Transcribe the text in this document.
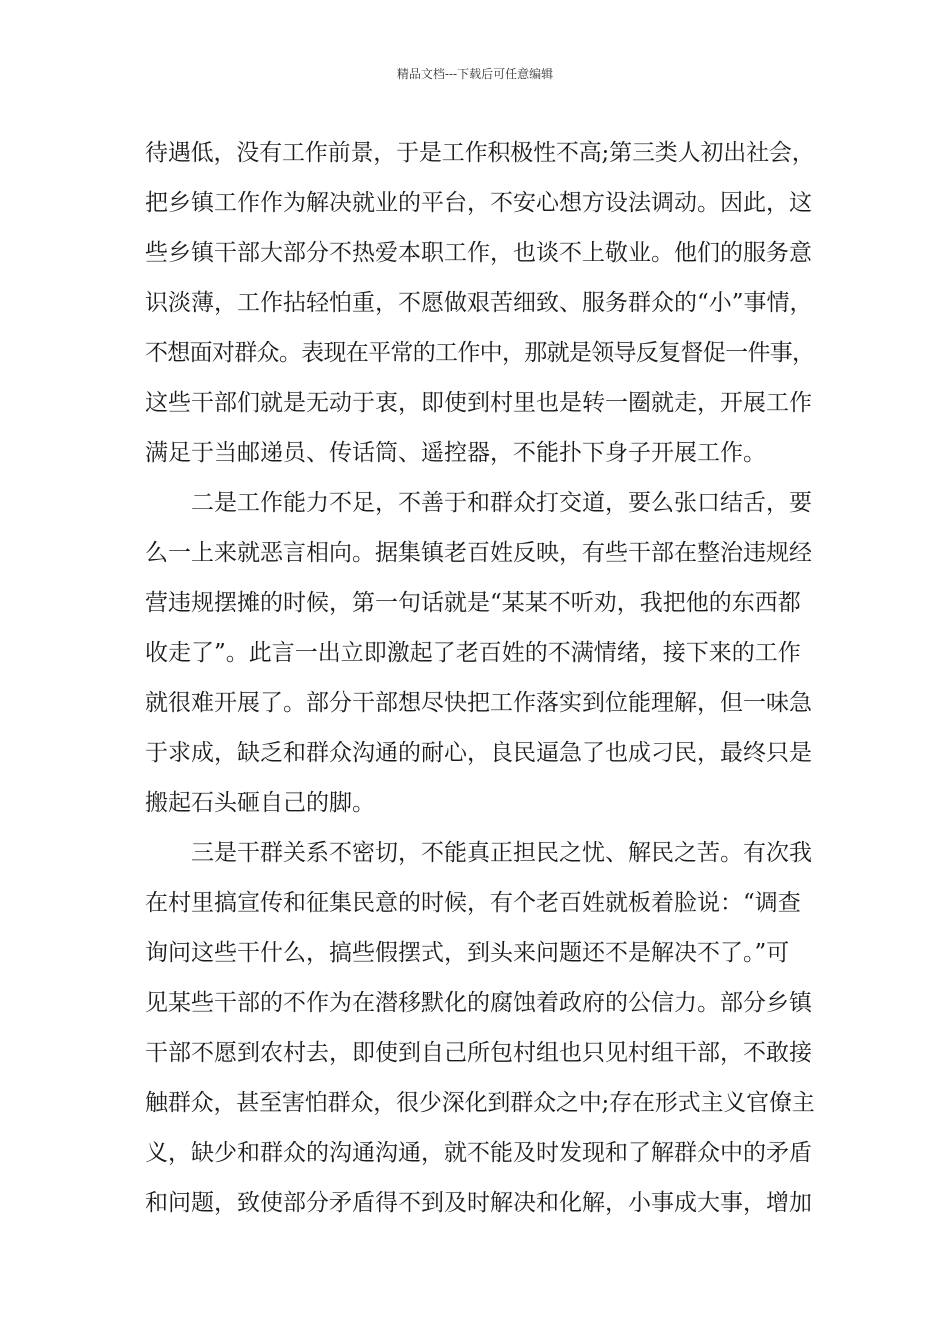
精品文档---下载后可任意编辑
待遇低，没有工作前景，于是工作积极性不高;第三类人初出社会，
把乡镇工作作为解决就业的平台，不安心想方设法调动。因此，这
些乡镇干部大部分不热爱本职工作，也谈不上敬业。他们的服务意
识淡薄，工作拈轻怕重，不愿做艰苦细致、服务群众的“小”事情，
不想面对群众。表现在平常的工作中，那就是领导反复督促一件事，
这些干部们就是无动于衷，即使到村里也是转一圈就走，开展工作
满足于当邮递员、传话筒、遥控器，不能扑下身子开展工作。
二是工作能力不足，不善于和群众打交道，要么张口结舌，要
么一上来就恶言相向。据集镇老百姓反映，有些干部在整治违规经
营违规摆摊的时候，第一句话就是“某某不听劝，我把他的东西都
收走了”。此言一出立即激起了老百姓的不满情绪，接下来的工作
就很难开展了。部分干部想尽快把工作落实到位能理解，但一味急
于求成，缺乏和群众沟通的耐心，良民逼急了也成刁民，最终只是
搬起石头砸自己的脚。
三是干群关系不密切，不能真正担民之忧、解民之苦。有次我
在村里搞宣传和征集民意的时候，有个老百姓就板着脸说：“调查
询问这些干什么，搞些假摆式，到头来问题还不是解决不了。”可
见某些干部的不作为在潜移默化的腐蚀着政府的公信力。部分乡镇
干部不愿到农村去，即使到自己所包村组也只见村组干部，不敢接
触群众，甚至害怕群众，很少深化到群众之中;存在形式主义官僚主
义，缺少和群众的沟通沟通，就不能及时发现和了解群众中的矛盾
和问题，致使部分矛盾得不到及时解决和化解，小事成大事，增加
